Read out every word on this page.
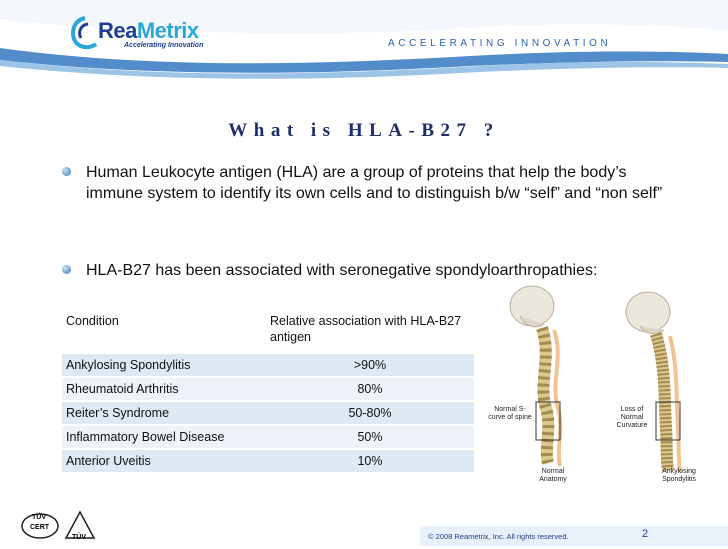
ReaMetrix
Accelerating Innovation	ACCELERATING INNOVATION
What is HLA-B27 ?
Human Leukocyte antigen (HLA) are a group of proteins that help the body’s immune system to identify its own cells and to distinguish b/w “self” and “non self”
HLA-B27 has been associated with seronegative spondyloarthropathies:
Condition	Relative association with HLA-B27 antigen
Ankylosing Spondylitis	>90%
Rheumatoid Arthritis	80%
Reiter’s Syndrome	50-80%
Inflammatory Bowel Disease	50%
Anterior Uveitis	10%
Normal S-curve of spine
Loss of Normal Curvature
Normal Anatomy
Ankylosing Spondylitis
TÜV
CERT
TÜV	© 2008 Reametrix, Inc. All rights reserved.	2
